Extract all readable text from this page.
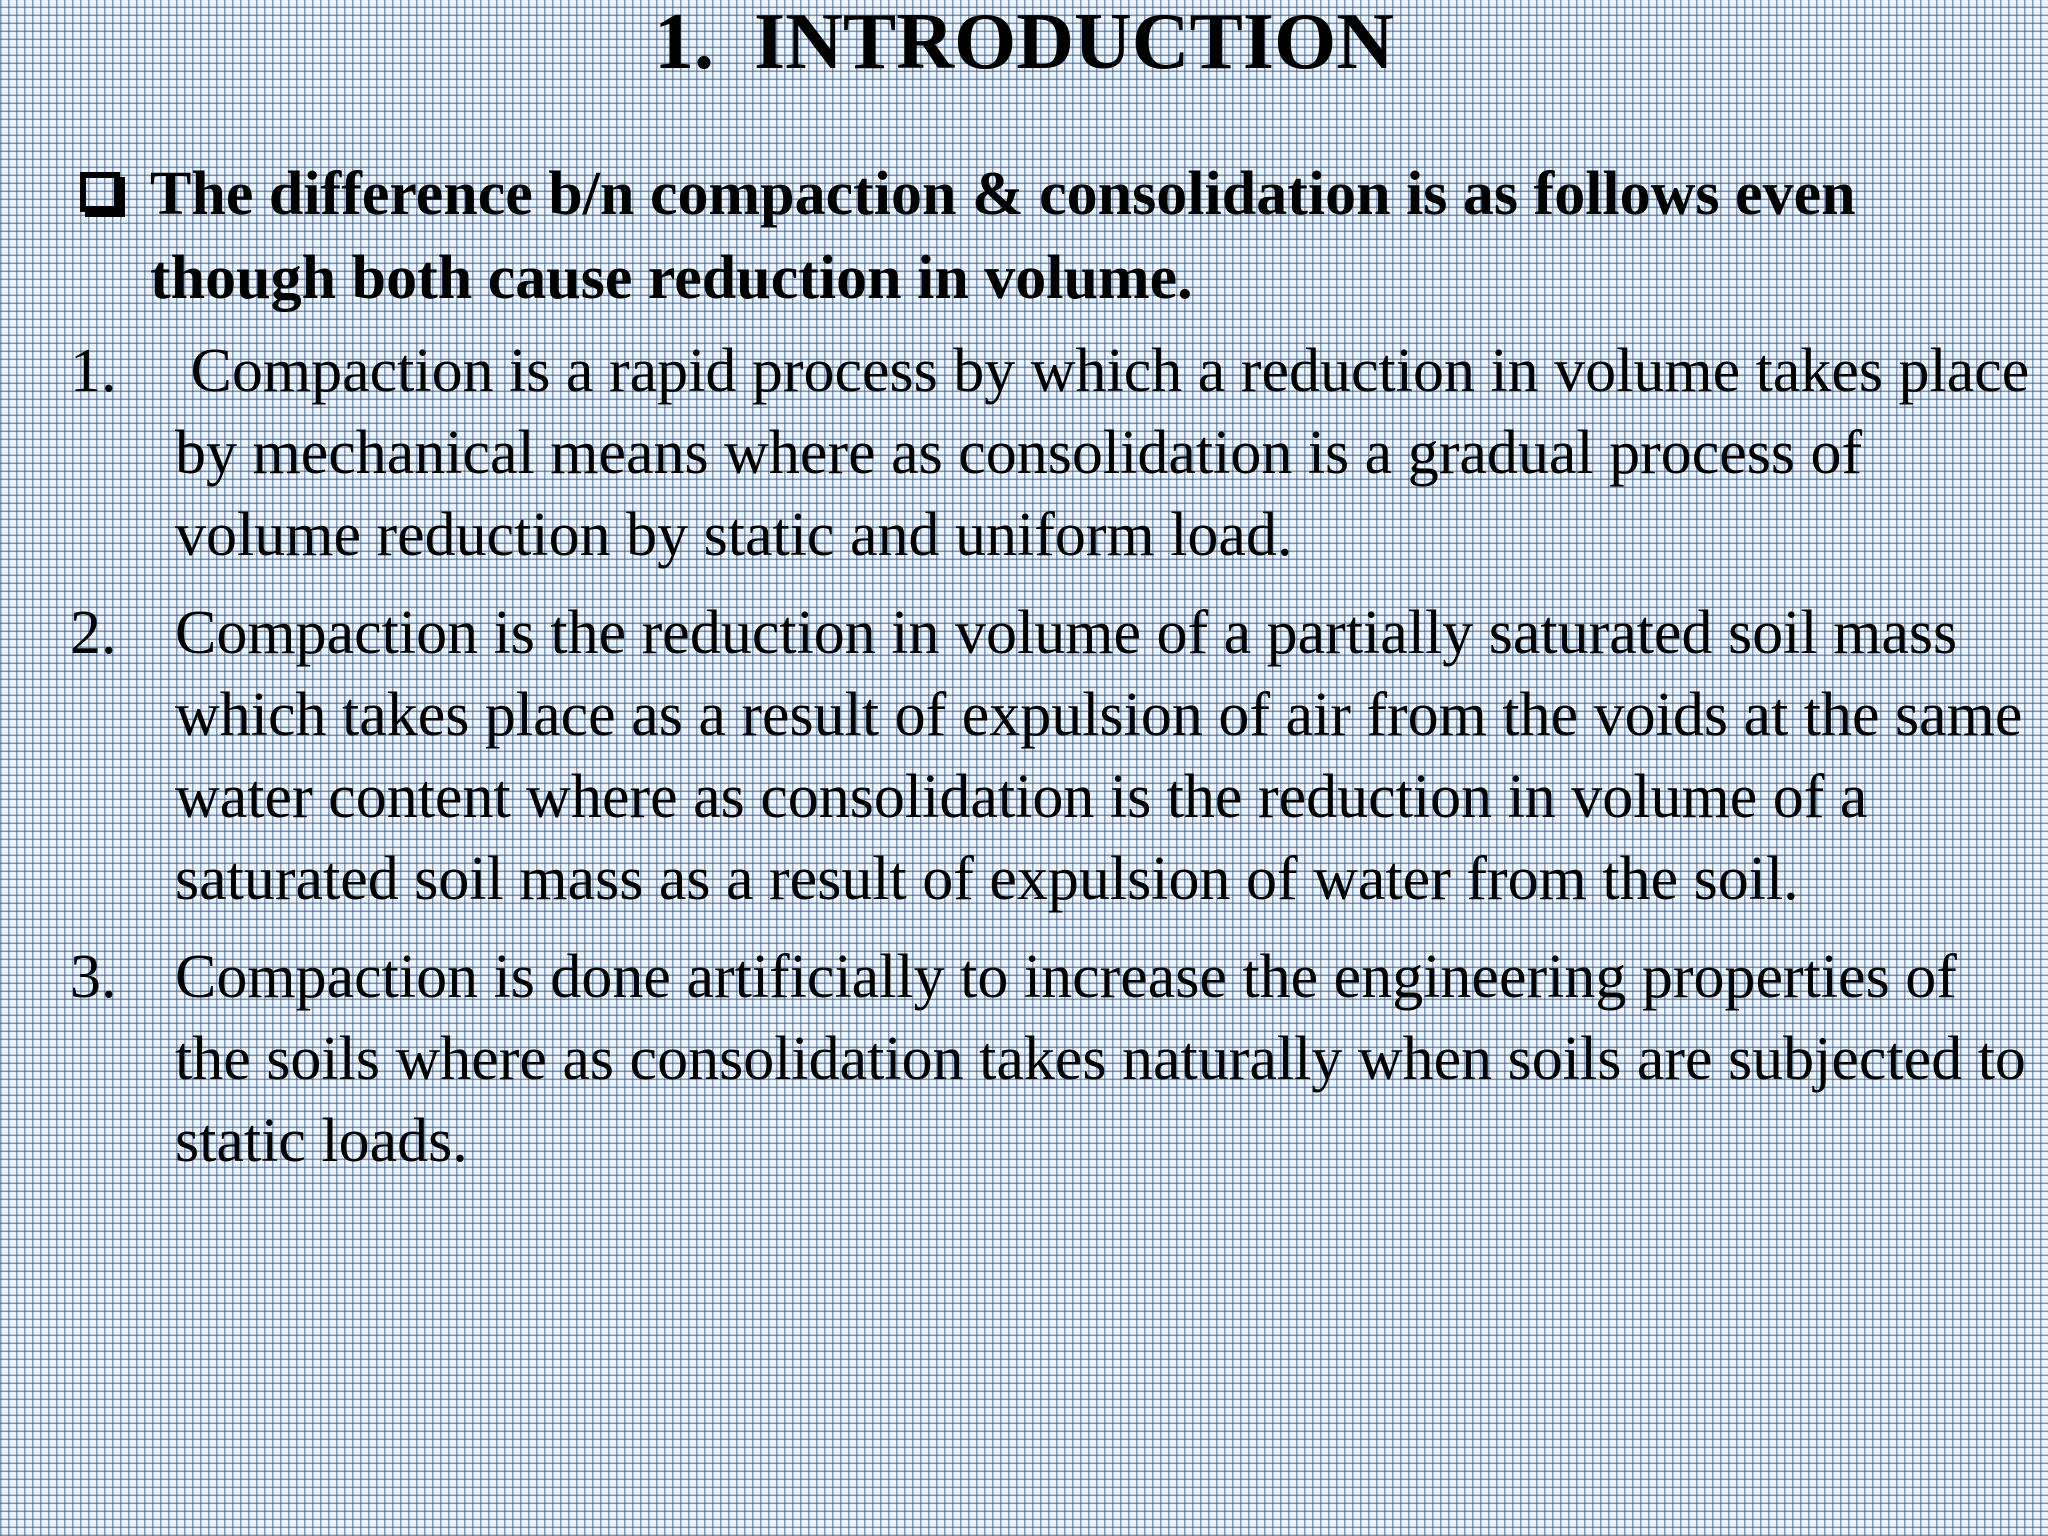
1. INTRODUCTION
The difference b/n compaction & consolidation is as follows even though both cause reduction in volume.
1. Compaction is a rapid process by which a reduction in volume takes place by mechanical means where as consolidation is a gradual process of volume reduction by static and uniform load.
2. Compaction is the reduction in volume of a partially saturated soil mass which takes place as a result of expulsion of air from the voids at the same water content where as consolidation is the reduction in volume of a saturated soil mass as a result of expulsion of water from the soil.
3. Compaction is done artificially to increase the engineering properties of the soils where as consolidation takes naturally when soils are subjected to static loads.
